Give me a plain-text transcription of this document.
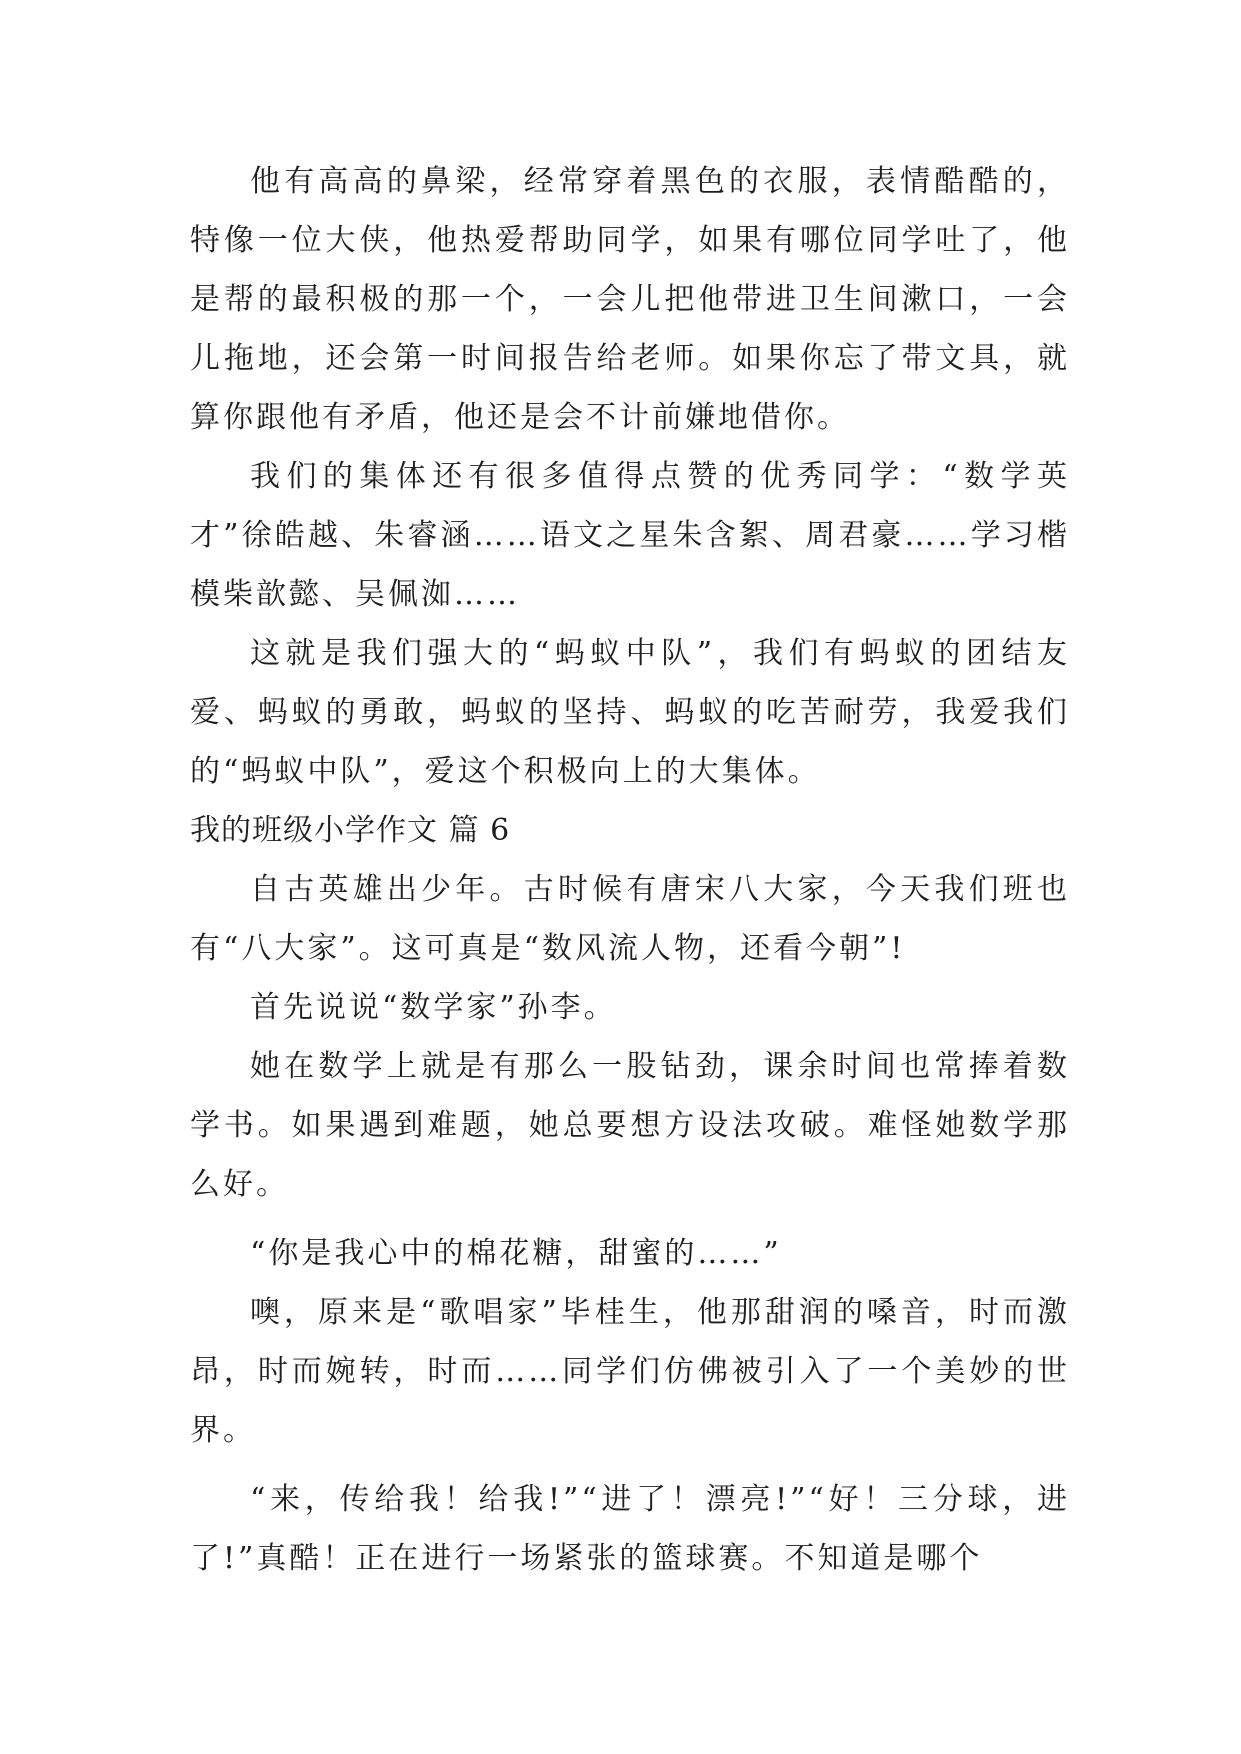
他有高高的鼻梁，经常穿着黑色的衣服，表情酷酷的，特像一位大侠，他热爱帮助同学，如果有哪位同学吐了，他是帮的最积极的那一个，一会儿把他带进卫生间漱口，一会儿拖地，还会第一时间报告给老师。如果你忘了带文具，就算你跟他有矛盾，他还是会不计前嫌地借你。

我们的集体还有很多值得点赞的优秀同学：“数学英才”徐皓越、朱睿涵……语文之星朱含絮、周君豪……学习楷模柴歆懿、吴佩洳……

这就是我们强大的“蚂蚁中队”，我们有蚂蚁的团结友爱、蚂蚁的勇敢，蚂蚁的坚持、蚂蚁的吃苦耐劳，我爱我们的“蚂蚁中队”，爱这个积极向上的大集体。

我的班级小学作文 篇 6

自古英雄出少年。古时候有唐宋八大家，今天我们班也有“八大家”。这可真是“数风流人物，还看今朝”!

首先说说“数学家”孙李。

她在数学上就是有那么一股钻劲，课余时间也常捧着数学书。如果遇到难题，她总要想方设法攻破。难怪她数学那么好。

“你是我心中的棉花糖，甜蜜的……”

噢，原来是“歌唱家”毕桂生，他那甜润的嗓音，时而激昂，时而婉转，时而……同学们仿佛被引入了一个美妙的世界。

“来，传给我！给我!”“进了！漂亮!”“好！三分球，进了!”真酷！正在进行一场紧张的篮球赛。不知道是哪个
